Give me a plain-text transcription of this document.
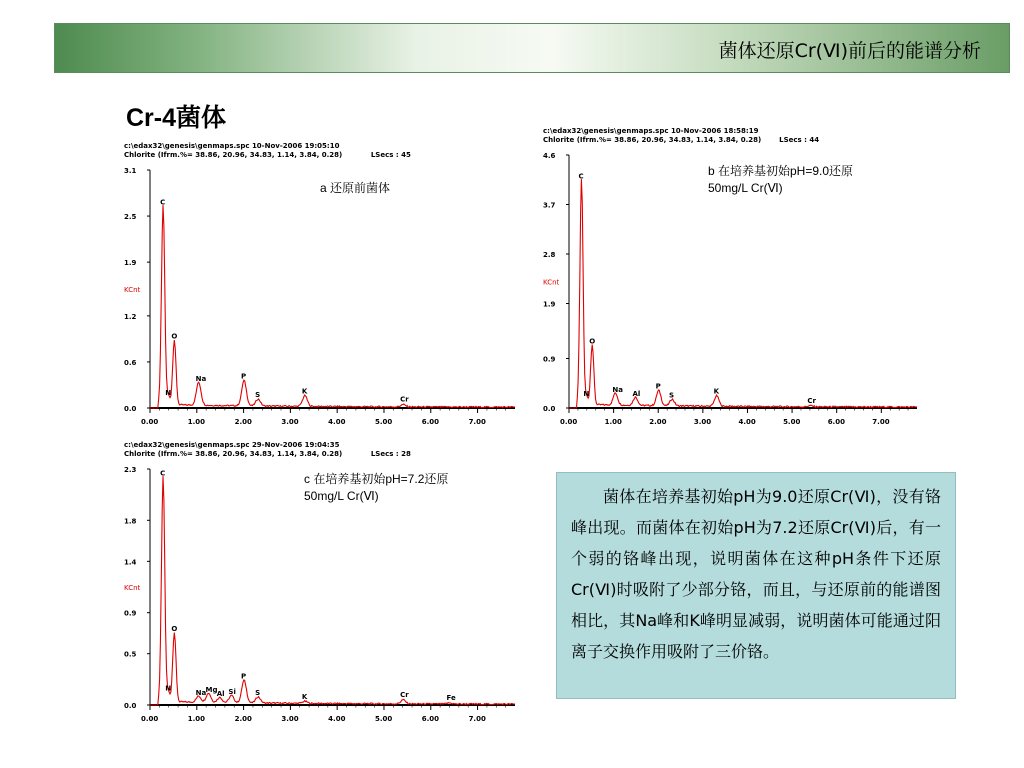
菌体还原Cr(Ⅵ)前后的能谱分析
Cr-4菌体
c:\edax32\genesis\genmaps.spc 10-Nov-2006 19:05:10
Chlorite (Ifrm.%= 38.86, 20.96, 34.83, 1.14, 3.84, 0.28)	LSecs : 45
3.1
2.5
1.9
1.2
0.6
0.0
KCnt
0.00	1.00	2.00	3.00	4.00	5.00	6.00	7.00
C
O
N
Na	P
S	K
Cr
c:\edax32\genesis\genmaps.spc 10-Nov-2006 18:58:19
Chlorite (Ifrm.%= 38.86, 20.96, 34.83, 1.14, 3.84, 0.28)	LSecs : 44
4.6
3.7
2.8
1.9
0.9
0.0
KCnt
0.00	1.00	2.00	3.00	4.00	5.00	6.00	7.00
C
O
N	Na Al
P
S	K
Cr
c:\edax32\genesis\genmaps.spc 29-Nov-2006 19:04:35
Chlorite (Ifrm.%= 38.86, 20.96, 34.83, 1.14, 3.84, 0.28)	LSecs : 28
2.3
1.8
1.4
0.9
0.5
0.0
KCnt
0.00	1.00	2.00	3.00	4.00	5.00	6.00	7.00
C
O
N
Na Mg
Al Si
P
S
K	Cr	Fe
a 还原前菌体
b 在培养基初始pH=9.0还原
50mg/L Cr(Ⅵ)
c 在培养基初始pH=7.2还原
50mg/L Cr(Ⅵ)	菌体在培养基初始pH为9.0还原Cr(Ⅵ)，没有铬峰出现。而菌体在初始pH为7.2还原Cr(Ⅵ)后，有一个弱的铬峰出现，说明菌体在这种pH条件下还原Cr(Ⅵ)时吸附了少部分铬，而且，与还原前的能谱图相比，其Na峰和K峰明显减弱，说明菌体可能通过阳离子交换作用吸附了三价铬。
